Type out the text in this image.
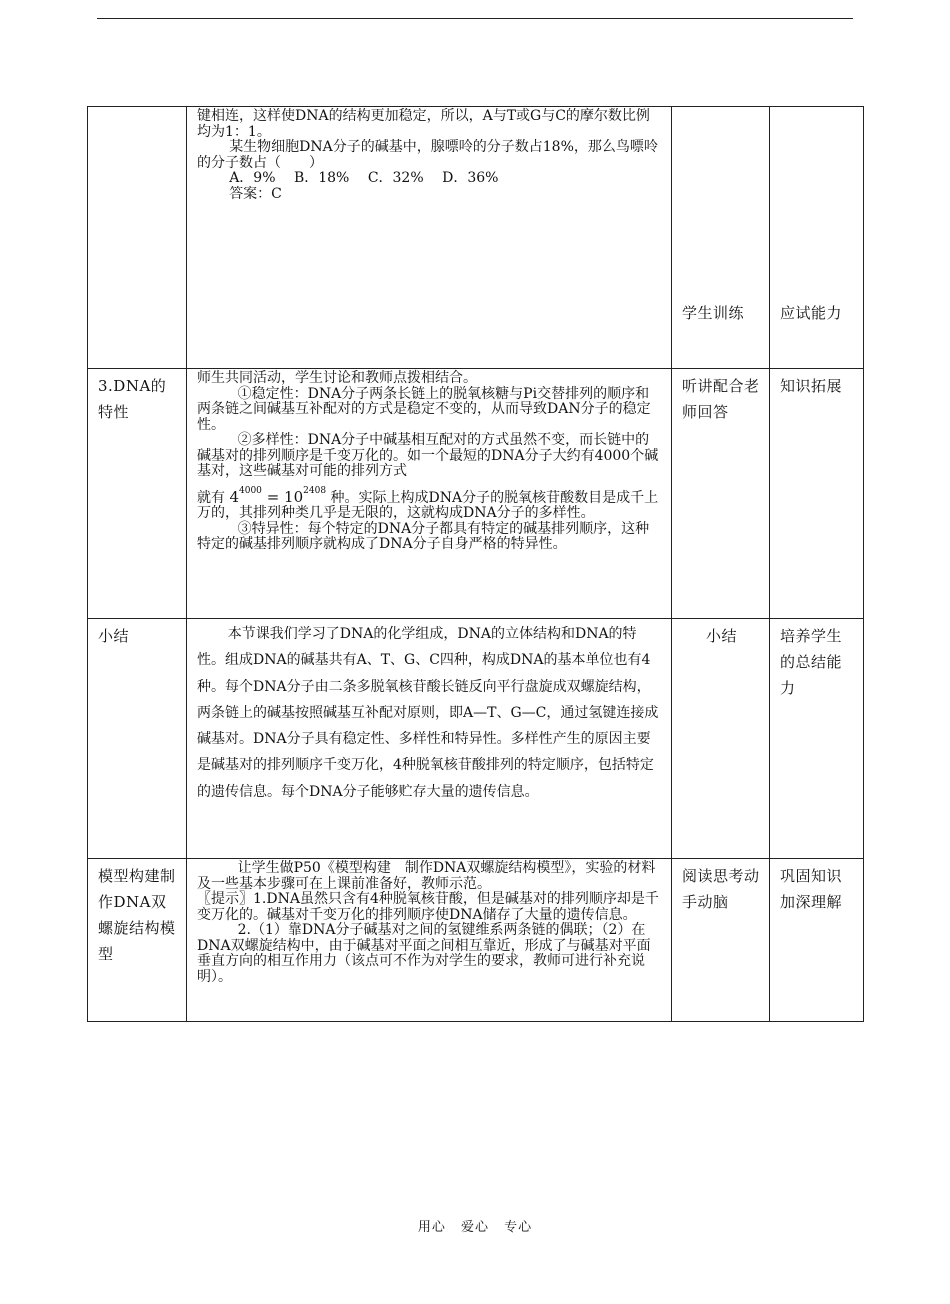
	键相连，这样使DNA的结构更加稳定，所以，A与T或G与C的摩尔数比例均为1：1。

某生物细胞DNA分子的碱基中，腺嘌呤的分子数占18%，那么鸟嘌呤的分子数占（　　）

A．9%　 B．18%　 C．32%　 D．36%

答案：C	学生训练	应试能力
3.DNA的特性	师生共同活动，学生讨论和教师点拨相结合。

①稳定性：DNA分子两条长链上的脱氧核糖与Pi交替排列的顺序和两条链之间碱基互补配对的方式是稳定不变的，从而导致DAN分子的稳定性。

②多样性：DNA分子中碱基相互配对的方式虽然不变，而长链中的碱基对的排列顺序是千变万化的。如一个最短的DNA分子大约有4000个碱基对，这些碱基对可能的排列方式

就有 $4^{4000} = 10^{2408}$ 种。实际上构成DNA分子的脱氧核苷酸数目是成千上万的，其排列种类几乎是无限的，这就构成DNA分子的多样性。

③特异性：每个特定的DNA分子都具有特定的碱基排列顺序，这种特定的碱基排列顺序就构成了DNA分子自身严格的特异性。	听讲配合老师回答	知识拓展
小结	本节课我们学习了DNA的化学组成，DNA的立体结构和DNA的特性。组成DNA的碱基共有A、T、G、C四种，构成DNA的基本单位也有4种。每个DNA分子由二条多脱氧核苷酸长链反向平行盘旋成双螺旋结构，两条链上的碱基按照碱基互补配对原则，即A—T、G—C，通过氢键连接成碱基对。DNA分子具有稳定性、多样性和特异性。多样性产生的原因主要是碱基对的排列顺序千变万化，4种脱氧核苷酸排列的特定顺序，包括特定的遗传信息。每个DNA分子能够贮存大量的遗传信息。	小结	培养学生的总结能力
模型构建制作DNA双螺旋结构模型	让学生做P50《模型构建　制作DNA双螺旋结构模型》，实验的材料及一些基本步骤可在上课前准备好，教师示范。

〖提示〗1.DNA虽然只含有4种脱氧核苷酸，但是碱基对的排列顺序却是千变万化的。碱基对千变万化的排列顺序使DNA储存了大量的遗传信息。

2.（1）靠DNA分子碱基对之间的氢键维系两条链的偶联；（2）在DNA双螺旋结构中，由于碱基对平面之间相互靠近，形成了与碱基对平面垂直方向的相互作用力（该点可不作为对学生的要求，教师可进行补充说明）。	阅读思考动手动脑	巩固知识加深理解
用心 爱心 专心
